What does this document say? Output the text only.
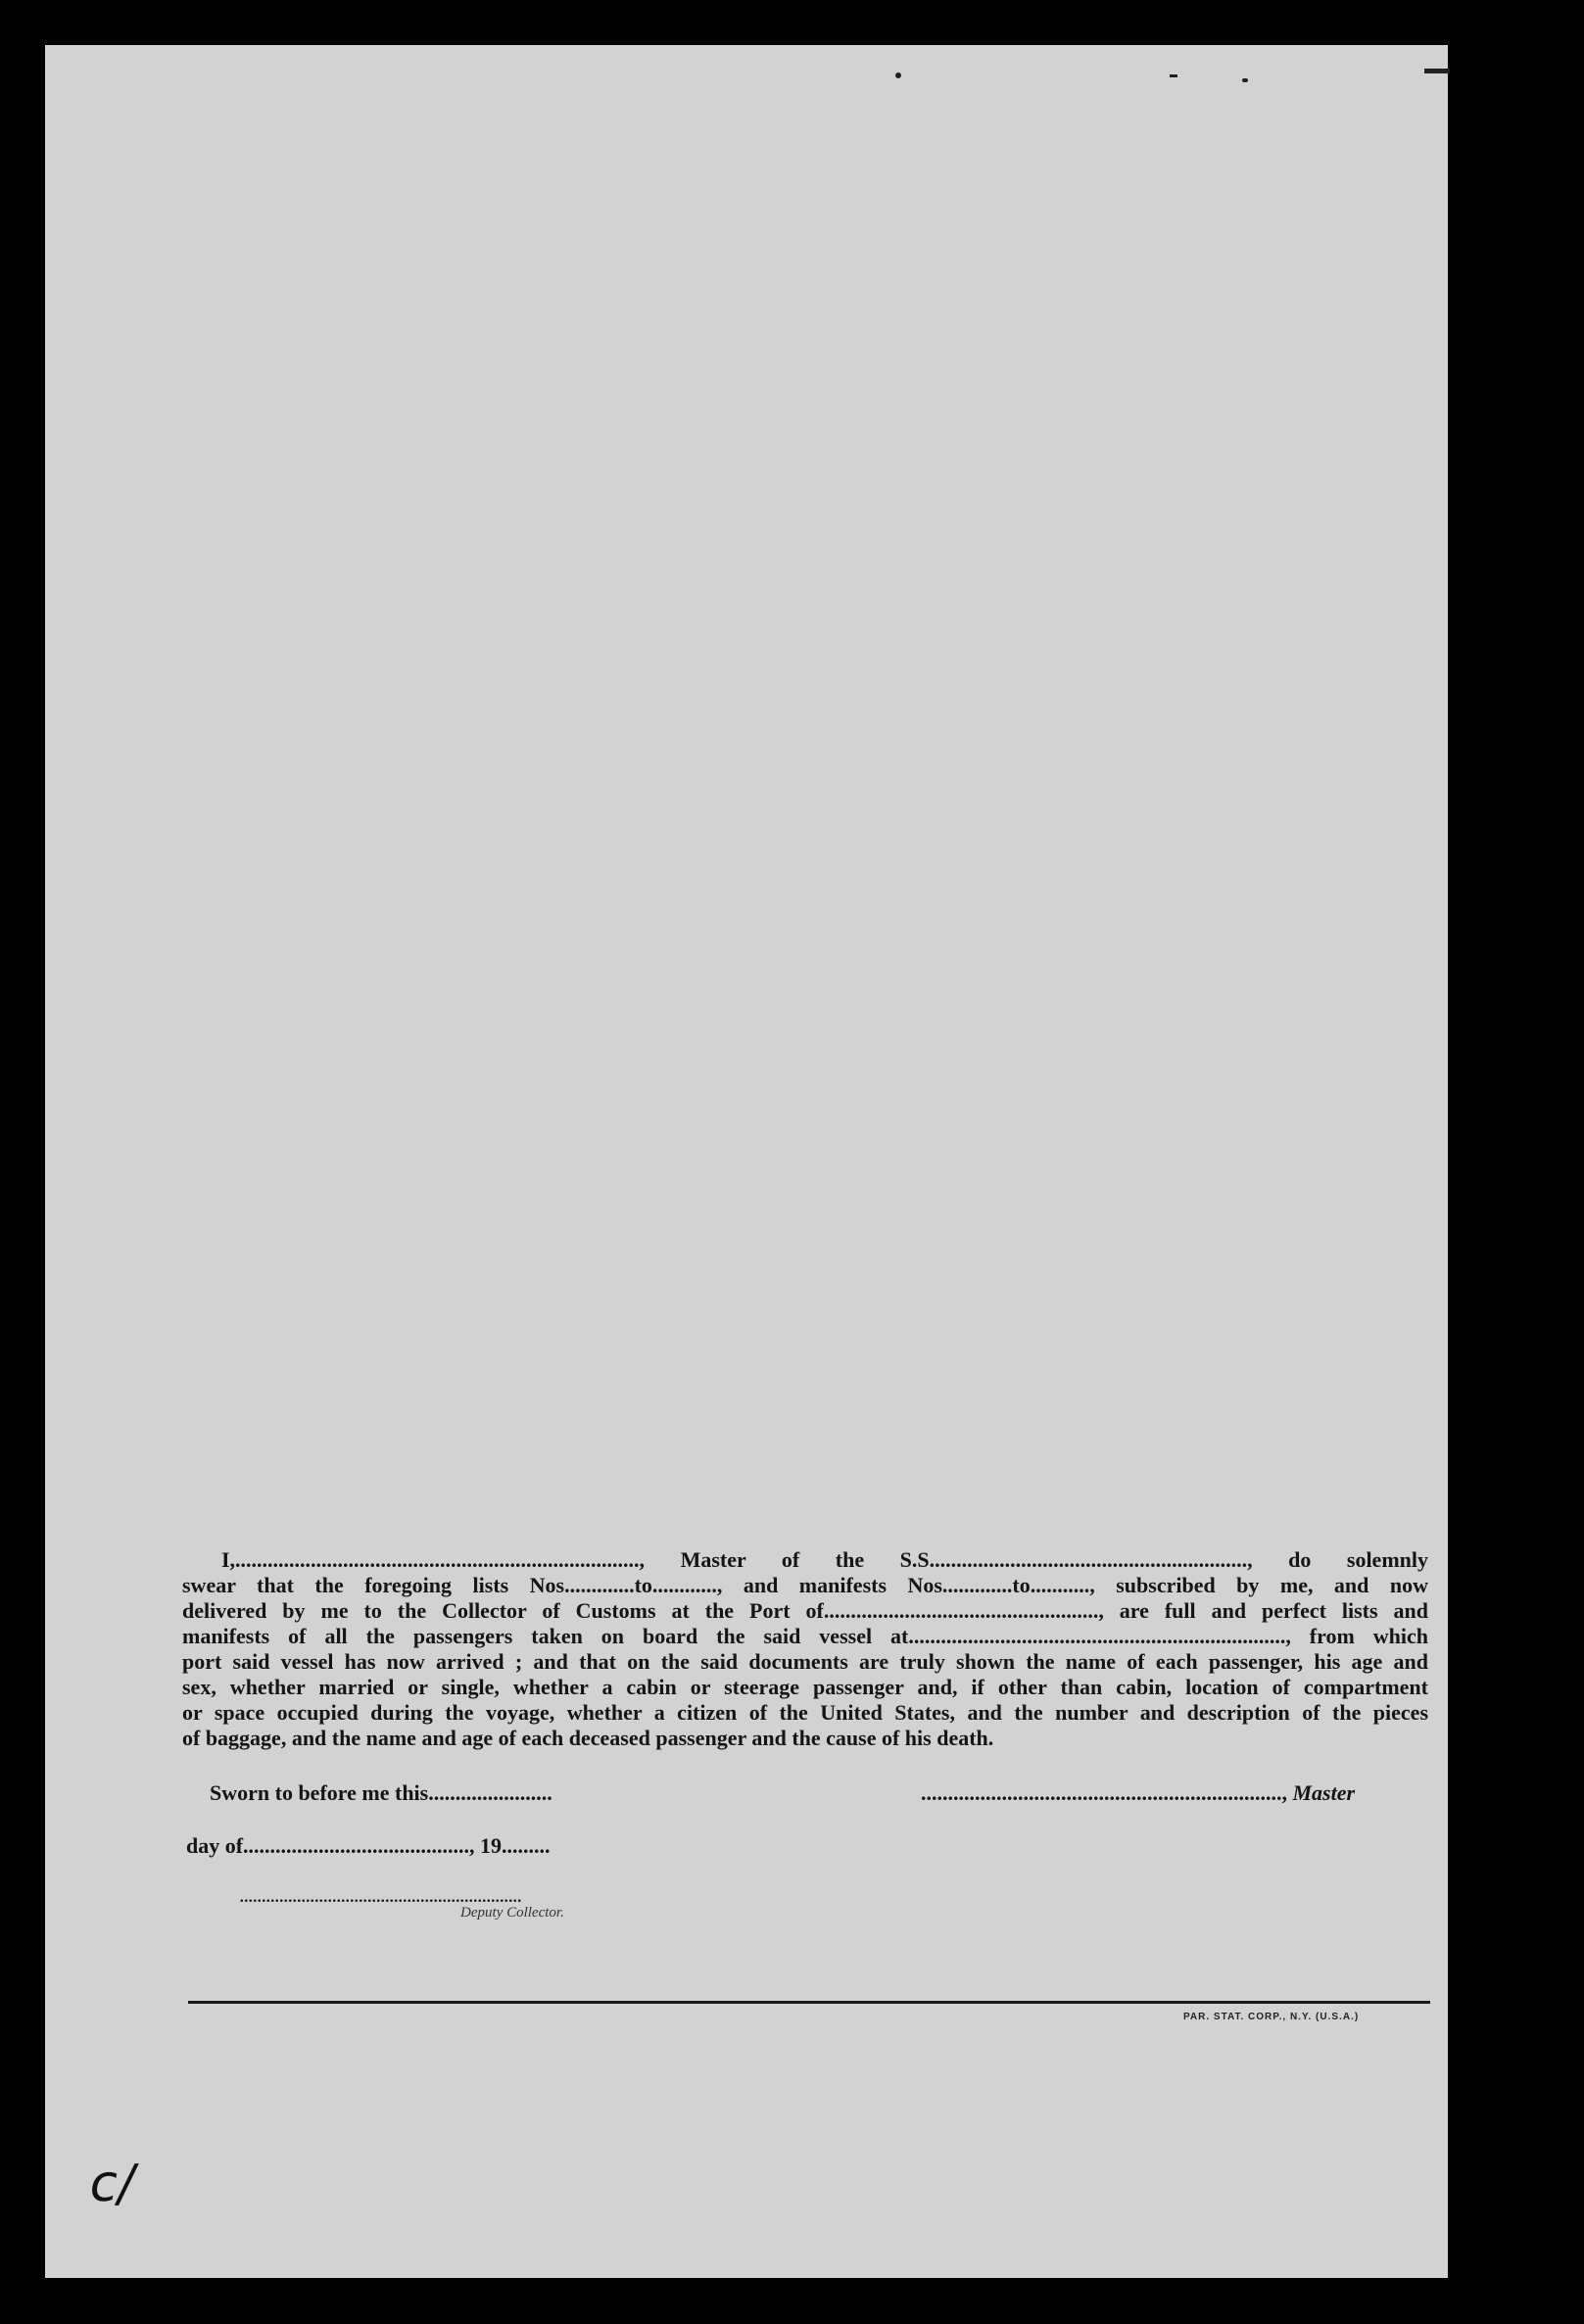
I,..........................................................................., Master of the S.S..........................................................., do solemnly
swear that the foregoing lists Nos.............to............, and manifests Nos.............to..........., subscribed by me, and now
delivered by me to the Collector of Customs at the Port of..................................................., are full and perfect lists and
manifests of all the passengers taken on board the said vessel at......................................................................, from which
port said vessel has now arrived ; and that on the said documents are truly shown the name of each passenger, his age and
sex, whether married or single, whether a cabin or steerage passenger and, if other than cabin, location of compartment
or space occupied during the voyage, whether a citizen of the United States, and the number and description of the pieces
of baggage, and the name and age of each deceased passenger and the cause of his death.
Sworn to before me this.......................	..................................................................., Master
day of.........................................., 19.........
................................................................
Deputy Collector.
PAR. STAT. CORP., N.Y. (U.S.A.)
c/
